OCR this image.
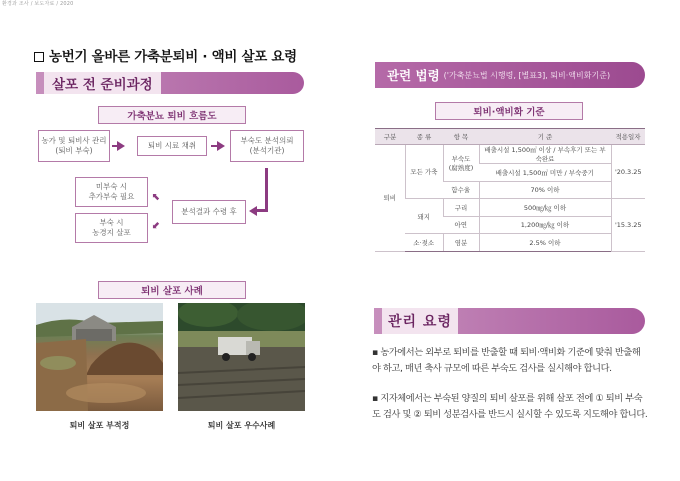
환경과 조사 / 보도자료 / 2020
농번기 올바른 가축분퇴비 · 액비 살포 요령
살포 전 준비과정
가축분뇨 퇴비 흐름도
농가 및 퇴비사 관리
(퇴비 부숙)
퇴비 시료 채취
부숙도 분석의뢰
(분석기관)
분석결과 수령 후
⬉
⬋
미부숙 시
추가부숙 필요
부숙 시
농경지 살포
퇴비 살포 사례
퇴비 살포 부적정	퇴비 살포 우수사례
관련 법령 ('가축분뇨법 시행령, [별표3], 퇴비·액비화기준)
퇴비·액비화 기준
구분	종 류	항 목	기 준	적용일자
퇴비	모든 가축	부숙도
(腐熟度)	배출시설 1,500㎡ 이상 / 부속후기 또는 부숙완료	'20.3.25
			배출시설 1,500㎡ 미만 / 부숙중기	
		함수율	70% 이하	
	돼지	구리	500㎎/㎏ 이하	'15.3.25
		아연	1,200㎎/㎏ 이하	
	소·젖소	염분	2.5% 이하	
관리 요령
▪ 농가에서는 외부로 퇴비를 반출할 때 퇴비·액비화 기준에 맞춰 반출해야 하고, 매년 축사 규모에 따른 부숙도 검사를 실시해야 합니다.
▪ 지자체에서는 부숙된 양질의 퇴비 살포를 위해 살포 전에 ① 퇴비 부숙도 검사 및 ② 퇴비 성분검사를 반드시 실시할 수 있도록 지도해야 합니다.
